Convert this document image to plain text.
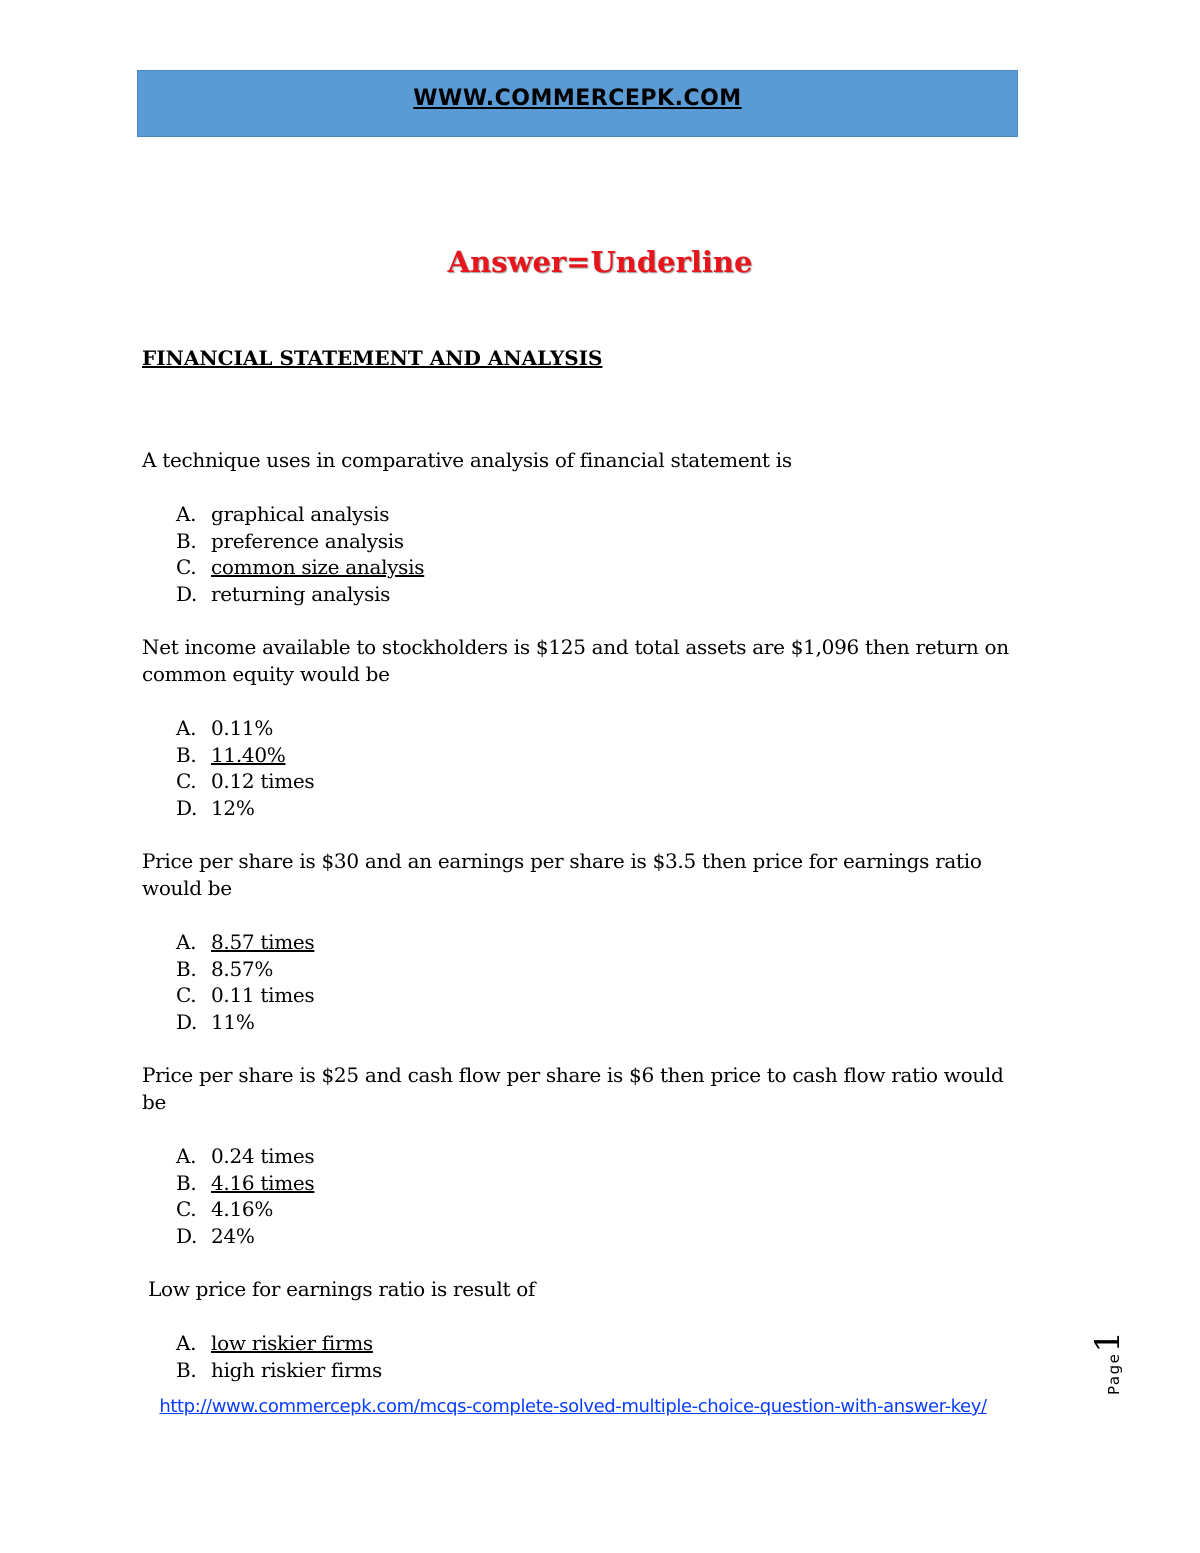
WWW.COMMERCEPK.COM
Answer=Underline
FINANCIAL STATEMENT AND ANALYSIS
A technique uses in comparative analysis of financial statement is
A. graphical analysis
B. preference analysis
C. common size analysis
D. returning analysis
Net income available to stockholders is $125 and total assets are $1,096 then return on common equity would be
A. 0.11%
B. 11.40%
C. 0.12 times
D. 12%
Price per share is $30 and an earnings per share is $3.5 then price for earnings ratio would be
A. 8.57 times
B. 8.57%
C. 0.11 times
D. 11%
Price per share is $25 and cash flow per share is $6 then price to cash flow ratio would be
A. 0.24 times
B. 4.16 times
C. 4.16%
D. 24%
Low price for earnings ratio is result of
A. low riskier firms
B. high riskier firms	Page1
http://www.commercepk.com/mcqs-complete-solved-multiple-choice-question-with-answer-key/
